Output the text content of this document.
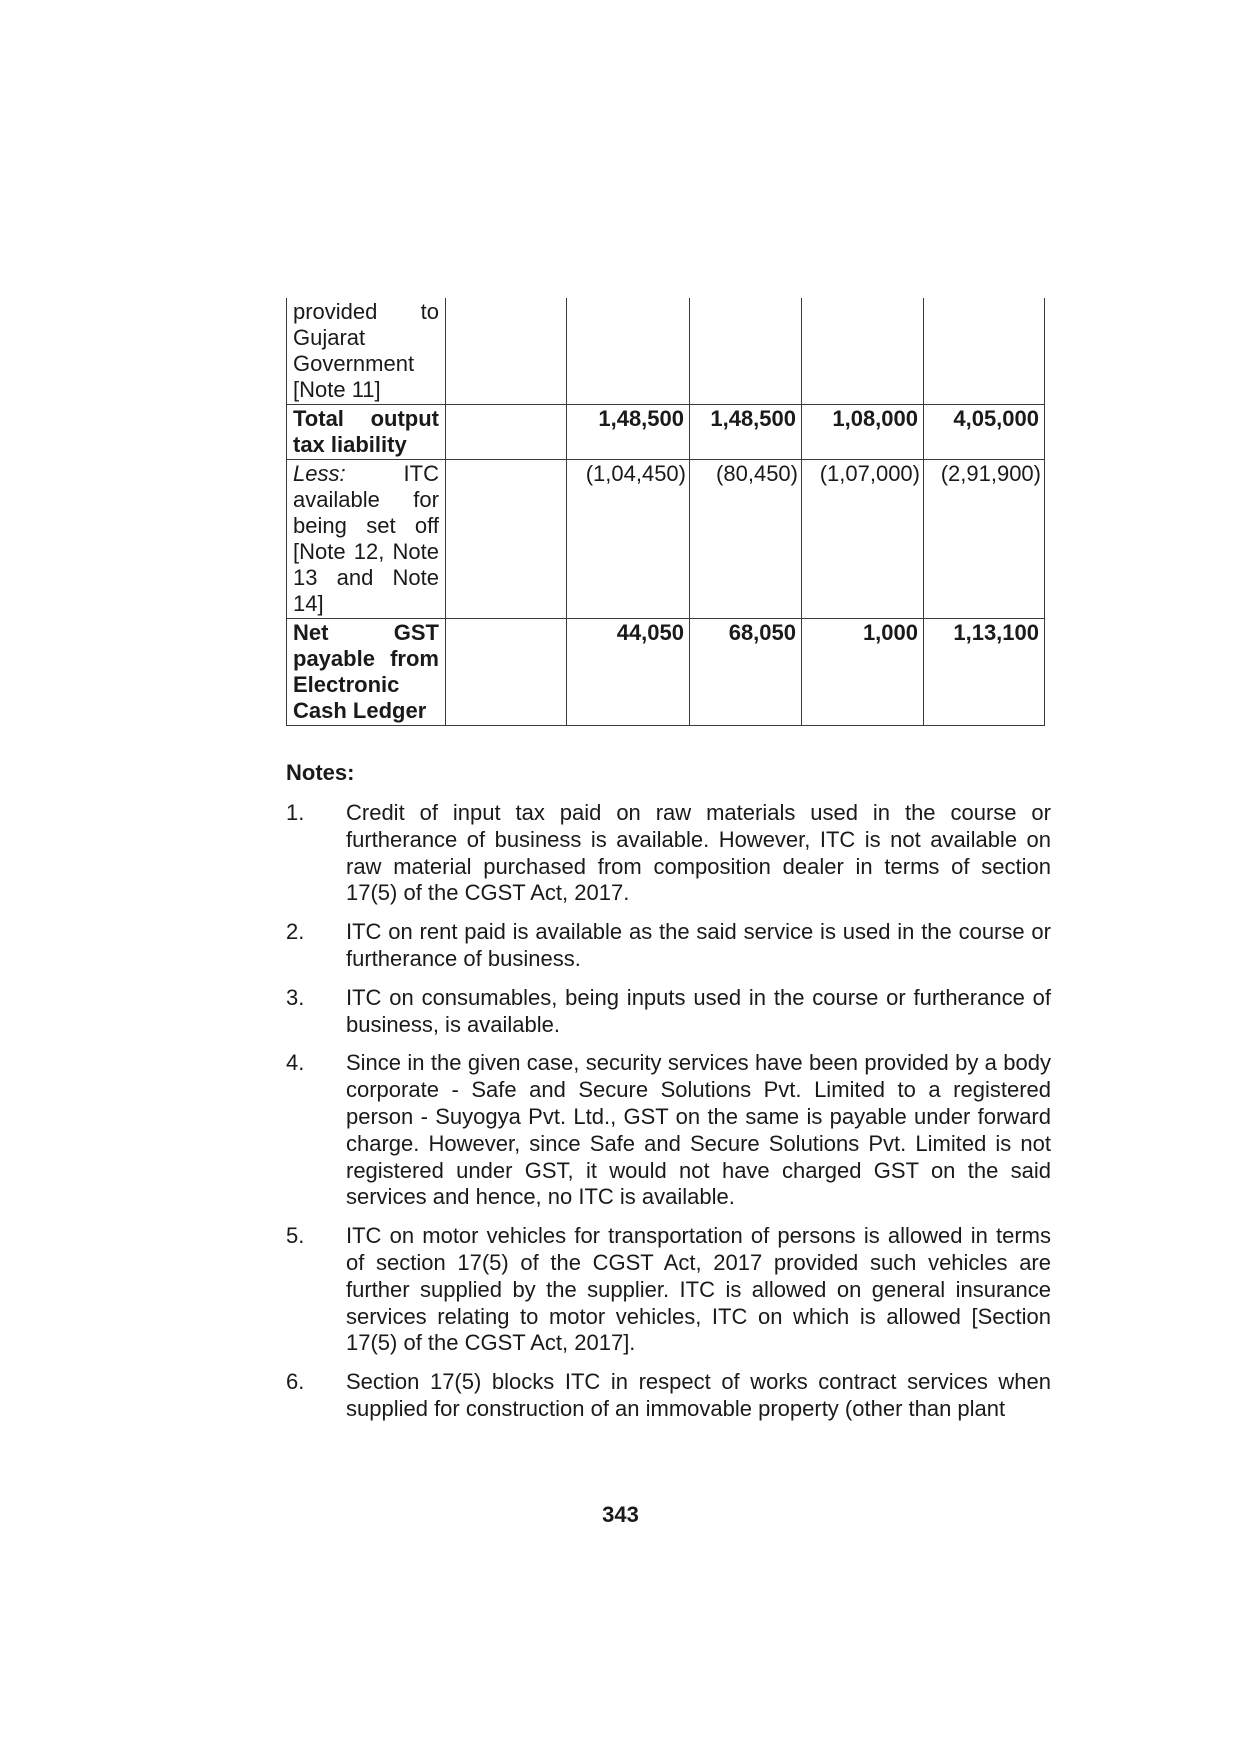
provided to Gujarat Government [Note 11]					
Total output tax liability		1,48,500	1,48,500	1,08,000	4,05,000
Less: ITC available for being set off [Note 12, Note 13 and Note 14]		(1,04,450)	(80,450)	(1,07,000)	(2,91,900)
Net GST payable from Electronic Cash Ledger		44,050	68,050	1,000	1,13,100
Notes:
1. Credit of input tax paid on raw materials used in the course or furtherance of business is available. However, ITC is not available on raw material purchased from composition dealer in terms of section 17(5) of the CGST Act, 2017.
2. ITC on rent paid is available as the said service is used in the course or furtherance of business.
3. ITC on consumables, being inputs used in the course or furtherance of business, is available.
4. Since in the given case, security services have been provided by a body corporate - Safe and Secure Solutions Pvt. Limited to a registered person - Suyogya Pvt. Ltd., GST on the same is payable under forward charge. However, since Safe and Secure Solutions Pvt. Limited is not registered under GST, it would not have charged GST on the said services and hence, no ITC is available.
5. ITC on motor vehicles for transportation of persons is allowed in terms of section 17(5) of the CGST Act, 2017 provided such vehicles are further supplied by the supplier. ITC is allowed on general insurance services relating to motor vehicles, ITC on which is allowed [Section 17(5) of the CGST Act, 2017].
6. Section 17(5) blocks ITC in respect of works contract services when supplied for construction of an immovable property (other than plant
343
